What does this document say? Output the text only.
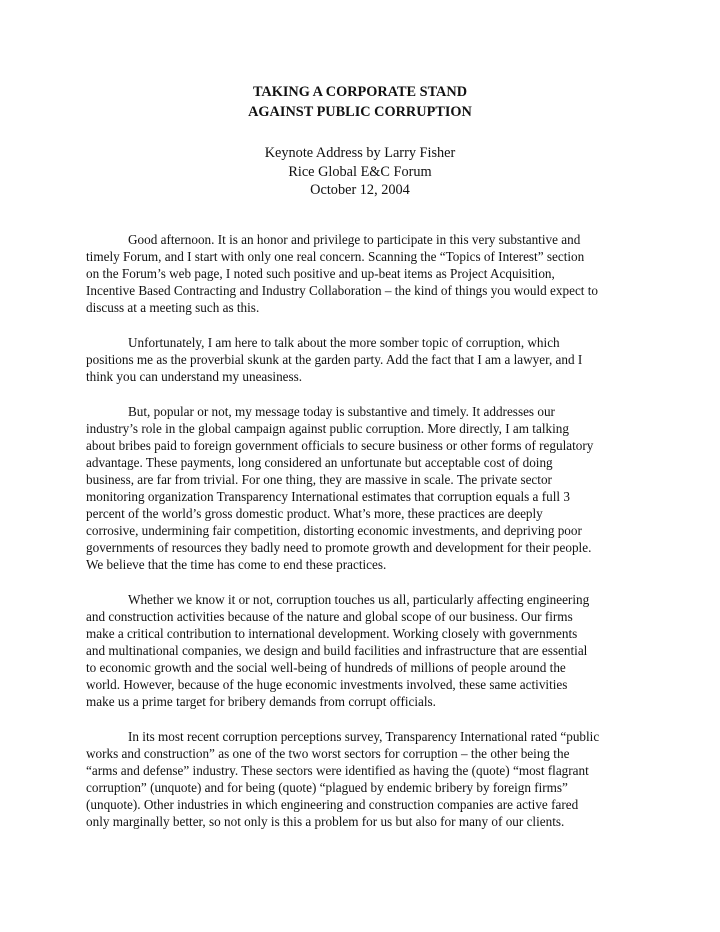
TAKING A CORPORATE STAND
AGAINST PUBLIC CORRUPTION
Keynote Address by Larry Fisher
Rice Global E&C Forum
October 12, 2004

Good afternoon. It is an honor and privilege to participate in this very substantive and
timely Forum, and I start with only one real concern. Scanning the “Topics of Interest” section
on the Forum’s web page, I noted such positive and up-beat items as Project Acquisition,
Incentive Based Contracting and Industry Collaboration – the kind of things you would expect to
discuss at a meeting such as this.

Unfortunately, I am here to talk about the more somber topic of corruption, which
positions me as the proverbial skunk at the garden party. Add the fact that I am a lawyer, and I
think you can understand my uneasiness.

But, popular or not, my message today is substantive and timely. It addresses our
industry’s role in the global campaign against public corruption. More directly, I am talking
about bribes paid to foreign government officials to secure business or other forms of regulatory
advantage. These payments, long considered an unfortunate but acceptable cost of doing
business, are far from trivial. For one thing, they are massive in scale. The private sector
monitoring organization Transparency International estimates that corruption equals a full 3
percent of the world’s gross domestic product. What’s more, these practices are deeply
corrosive, undermining fair competition, distorting economic investments, and depriving poor
governments of resources they badly need to promote growth and development for their people.
We believe that the time has come to end these practices.

Whether we know it or not, corruption touches us all, particularly affecting engineering
and construction activities because of the nature and global scope of our business. Our firms
make a critical contribution to international development. Working closely with governments
and multinational companies, we design and build facilities and infrastructure that are essential
to economic growth and the social well-being of hundreds of millions of people around the
world. However, because of the huge economic investments involved, these same activities
make us a prime target for bribery demands from corrupt officials.

In its most recent corruption perceptions survey, Transparency International rated “public
works and construction” as one of the two worst sectors for corruption – the other being the
“arms and defense” industry. These sectors were identified as having the (quote) “most flagrant
corruption” (unquote) and for being (quote) “plagued by endemic bribery by foreign firms”
(unquote). Other industries in which engineering and construction companies are active fared
only marginally better, so not only is this a problem for us but also for many of our clients.
